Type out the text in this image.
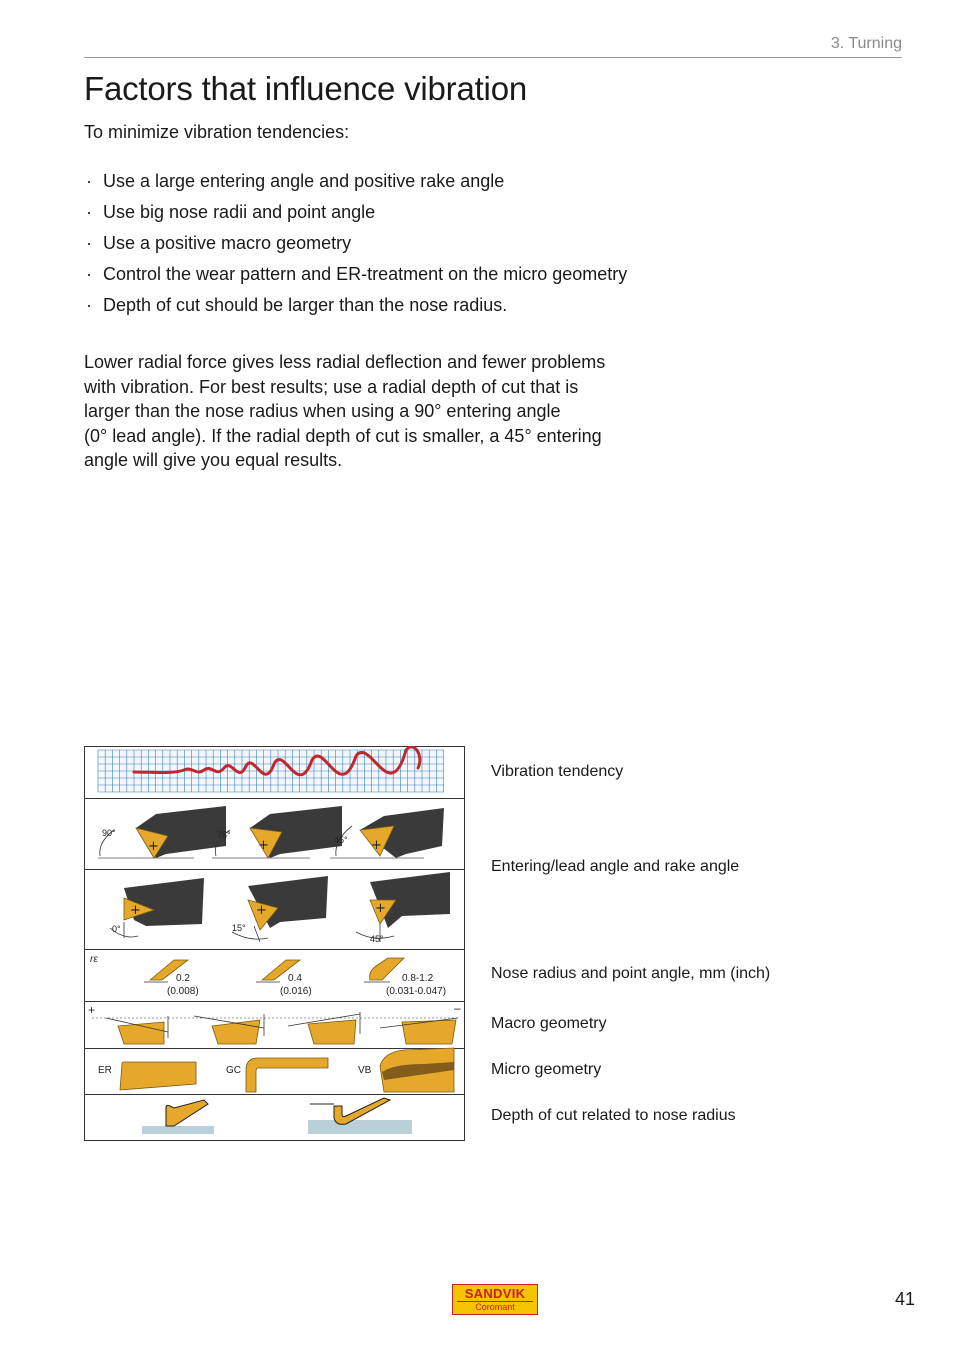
3. Turning
Factors that influence vibration

To minimize vibration tendencies:

· Use a large entering angle and positive rake angle
· Use big nose radii and point angle
· Use a positive macro geometry
· Control the wear pattern and ER-treatment on the micro geometry
· Depth of cut should be larger than the nose radius.

Lower radial force gives less radial deflection and fewer problems
with vibration. For best results; use a radial depth of cut that is
larger than the nose radius when using a 90° entering angle
(0° lead angle). If the radial depth of cut is smaller, a 45° entering
angle will give you equal results.

+	+	+
90°	75°	45°
+	+	+
0°	15°
45°
rε
0.2
(0.008)
0.4
(0.016)
0.8-1.2
(0.031-0.047)
+	–
ER	GC	VB
Vibration tendency
Entering/lead angle and rake angle
Nose radius and point angle, mm (inch)
Macro geometry
Micro geometry
Depth of cut related to nose radius
SANDVIK
Coromant	41
